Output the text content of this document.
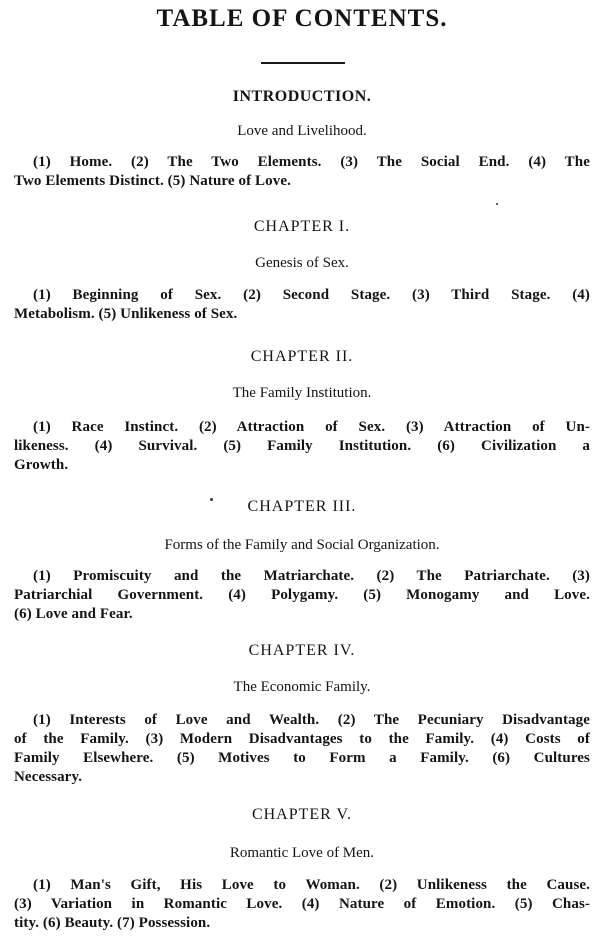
TABLE OF CONTENTS.
INTRODUCTION.
Love and Livelihood.
(1) Home. (2) The Two Elements. (3) The Social End. (4) The
Two Elements Distinct. (5) Nature of Love.
CHAPTER I.
Genesis of Sex.
(1) Beginning of Sex. (2) Second Stage. (3) Third Stage. (4)
Metabolism. (5) Unlikeness of Sex.
CHAPTER II.
The Family Institution.
(1) Race Instinct. (2) Attraction of Sex. (3) Attraction of Un-
likeness. (4) Survival. (5) Family Institution. (6) Civilization a
Growth.
CHAPTER III.
Forms of the Family and Social Organization.
(1) Promiscuity and the Matriarchate. (2) The Patriarchate. (3)
Patriarchial Government. (4) Polygamy. (5) Monogamy and Love.
(6) Love and Fear.
CHAPTER IV.
The Economic Family.
(1) Interests of Love and Wealth. (2) The Pecuniary Disadvantage
of the Family. (3) Modern Disadvantages to the Family. (4) Costs of
Family Elsewhere. (5) Motives to Form a Family. (6) Cultures
Necessary.
CHAPTER V.
Romantic Love of Men.
(1) Man's Gift, His Love to Woman. (2) Unlikeness the Cause.
(3) Variation in Romantic Love. (4) Nature of Emotion. (5) Chas-
tity. (6) Beauty. (7) Possession.
